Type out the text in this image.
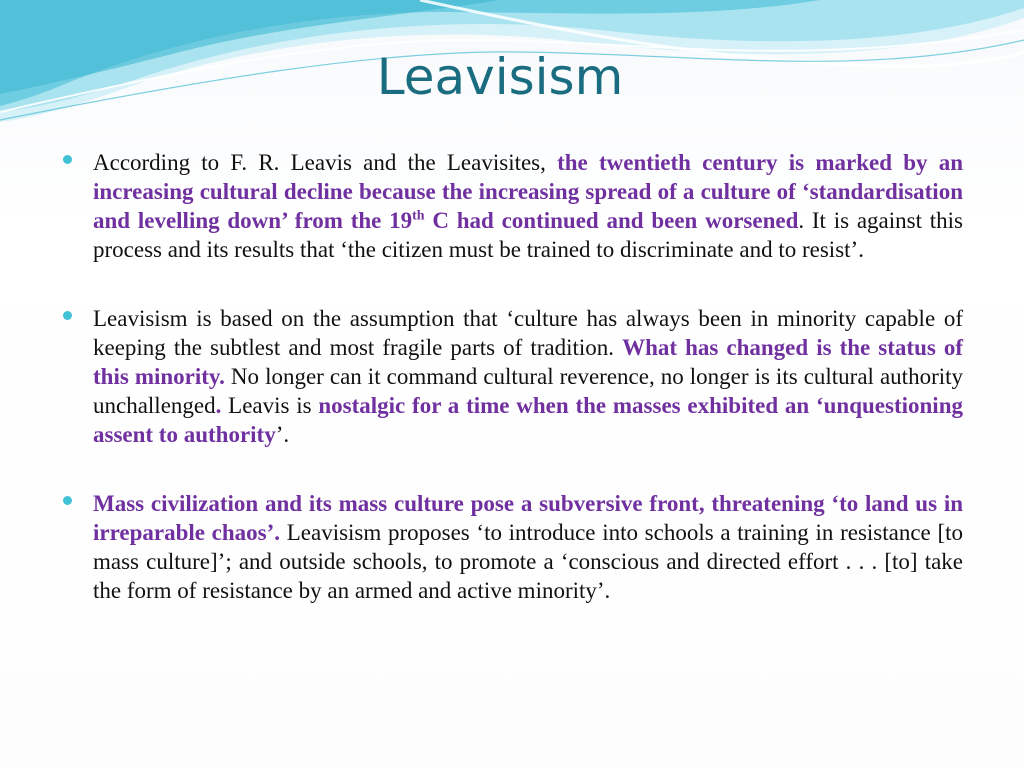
Leavisism
According to F. R. Leavis and the Leavisites, the twentieth century is marked by an increasing cultural decline because the increasing spread of a culture of ‘standardisation and levelling down’ from the 19th C had continued and been worsened. It is against this process and its results that ‘the citizen must be trained to discriminate and to resist’.
Leavisism is based on the assumption that ‘culture has always been in minority capable of keeping the subtlest and most fragile parts of tradition. What has changed is the status of this minority. No longer can it command cultural reverence, no longer is its cultural authority unchallenged. Leavis is nostalgic for a time when the masses exhibited an ‘unquestioning assent to authority’.
Mass civilization and its mass culture pose a subversive front, threatening ‘to land us in irreparable chaos’. Leavisism proposes ‘to introduce into schools a training in resistance [to mass culture]’; and outside schools, to promote a ‘conscious and directed effort . . . [to] take the form of resistance by an armed and active minority’.
